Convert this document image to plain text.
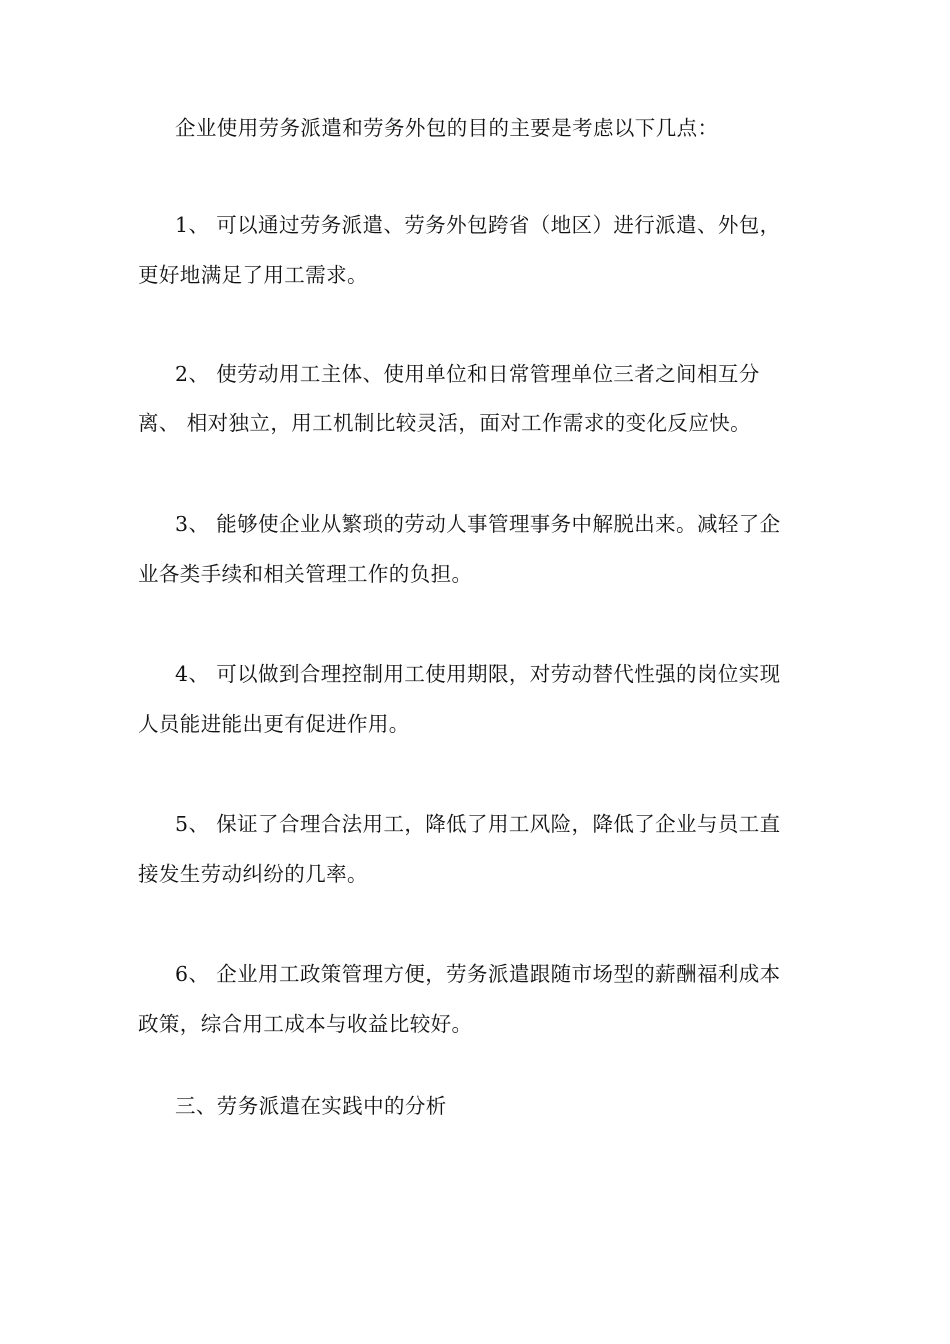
企业使用劳务派遣和劳务外包的目的主要是考虑以下几点：
1、 可以通过劳务派遣、劳务外包跨省（地区）进行派遣、外包，
更好地满足了用工需求。
2、 使劳动用工主体、使用单位和日常管理单位三者之间相互分
离、 相对独立，用工机制比较灵活，面对工作需求的变化反应快。
3、 能够使企业从繁琐的劳动人事管理事务中解脱出来。减轻了企
业各类手续和相关管理工作的负担。
4、 可以做到合理控制用工使用期限，对劳动替代性强的岗位实现
人员能进能出更有促进作用。
5、 保证了合理合法用工，降低了用工风险，降低了企业与员工直
接发生劳动纠纷的几率。
6、 企业用工政策管理方便，劳务派遣跟随市场型的薪酬福利成本
政策，综合用工成本与收益比较好。
三、劳务派遣在实践中的分析
